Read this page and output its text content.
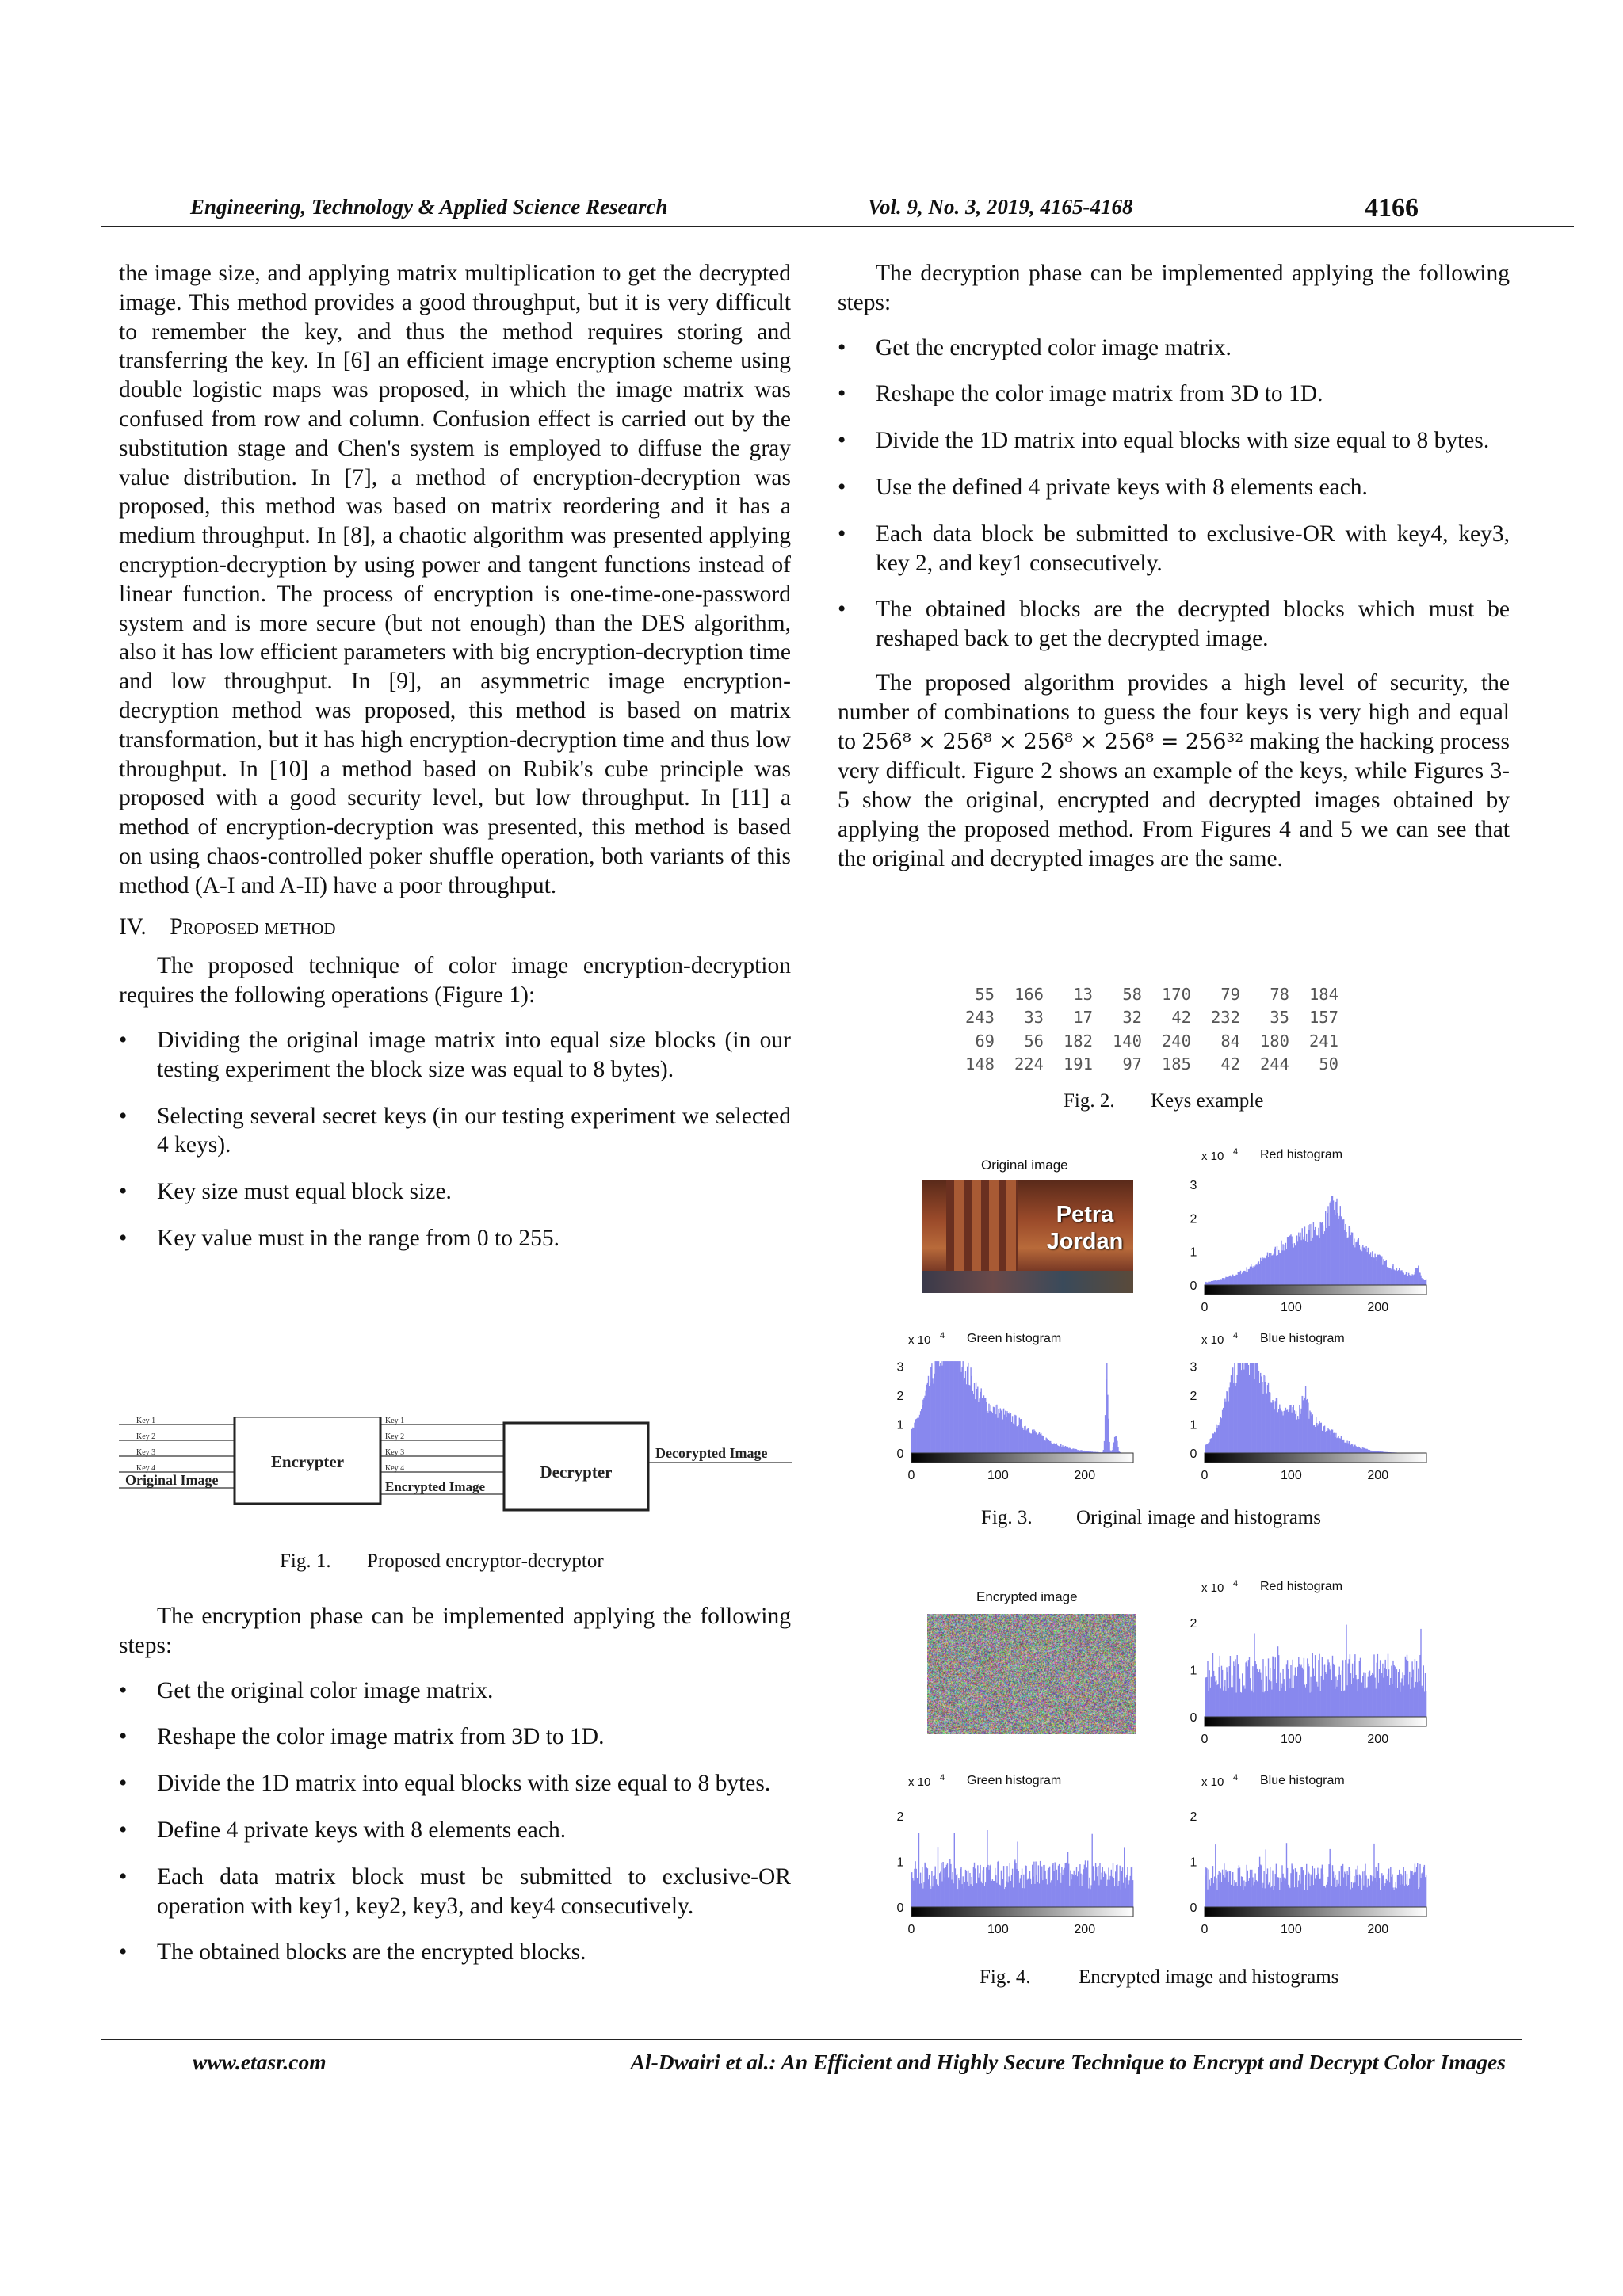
Engineering, Technology & Applied Science Research	Vol. 9, No. 3, 2019, 4165-4168	4166

the image size, and applying matrix multiplication to get the decrypted image. This method provides a good throughput, but it is very difficult to remember the key, and thus the method requires storing and transferring the key. In [6] an efficient image encryption scheme using double logistic maps was proposed, in which the image matrix was confused from row and column. Confusion effect is carried out by the substitution stage and Chen's system is employed to diffuse the gray value distribution. In [7], a method of encryption-decryption was proposed, this method was based on matrix reordering and it has a medium throughput. In [8], a chaotic algorithm was presented applying encryption-decryption by using power and tangent functions instead of linear function. The process of encryption is one-time-one-password system and is more secure (but not enough) than the DES algorithm, also it has low efficient parameters with big encryption-decryption time and low throughput. In [9], an asymmetric image encryption-decryption method was proposed, this method is based on matrix transformation, but it has high encryption-decryption time and thus low throughput. In [10] a method based on Rubik's cube principle was proposed with a good security level, but low throughput. In [11] a method of encryption-decryption was presented, this method is based on using chaos-controlled poker shuffle operation, both variants of this method (A-I and A-II) have a poor throughput.

IV. Proposed method

The proposed technique of color image encryption-decryption requires the following operations (Figure 1):

• Dividing the original image matrix into equal size blocks (in our testing experiment the block size was equal to 8 bytes).
• Selecting several secret keys (in our testing experiment we selected 4 keys).
• Key size must equal block size.
• Key value must in the range from 0 to 255.
Key 1
Key 2
Key 3
Key 4
Key 1
Key 2
Key 3
Key 4
Encrypter
Decrypter
Original Image	Encrypted Image
Decorypted Image
Fig. 1. Proposed encryptor-decryptor

The encryption phase can be implemented applying the following steps:

• Get the original color image matrix.
• Reshape the color image matrix from 3D to 1D.
• Divide the 1D matrix into equal blocks with size equal to 8 bytes.
• Define 4 private keys with 8 elements each.
• Each data matrix block must be submitted to exclusive-OR operation with key1, key2, key3, and key4 consecutively.
• The obtained blocks are the encrypted blocks.

The decryption phase can be implemented applying the following steps:

• Get the encrypted color image matrix.
• Reshape the color image matrix from 3D to 1D.
• Divide the 1D matrix into equal blocks with size equal to 8 bytes.
• Use the defined 4 private keys with 8 elements each.
• Each data block be submitted to exclusive-OR with key4, key3, key 2, and key1 consecutively.
• The obtained blocks are the decrypted blocks which must be reshaped back to get the decrypted image.

The proposed algorithm provides a high level of security, the number of combinations to guess the four keys is very high and equal to 256⁸ × 256⁸ × 256⁸ × 256⁸ = 256³² making the hacking process very difficult. Figure 2 shows an example of the keys, while Figures 3-5 show the original, encrypted and decrypted images obtained by applying the proposed method. From Figures 4 and 5 we can see that the original and decrypted images are the same.

55	166	13	58	170	79	78	184
243	33	17	32	42	232	35	157
69	56	182	140	240	84	180	241
148	224	191	97	185	42	244	50
Fig. 2. Keys example
Original image
Petra
Jordan
0	100	200
0
1
2
3
x 10 4 Red histogram
0	100	200
0
1
2
3
x 10 4 Green histogram
0	100	200
0
1
2
3
x 10 4 Blue histogram
Fig. 3. Original image and histograms
Encrypted image
0	100	200
0
1
2
x 10 4 Red histogram
0	100	200
0
1
2
x 10 4 Green histogram
0	100	200
0
1
2
x 10 4 Blue histogram
Fig. 4. Encrypted image and histograms
www.etasr.com	Al-Dwairi et al.: An Efficient and Highly Secure Technique to Encrypt and Decrypt Color Images
